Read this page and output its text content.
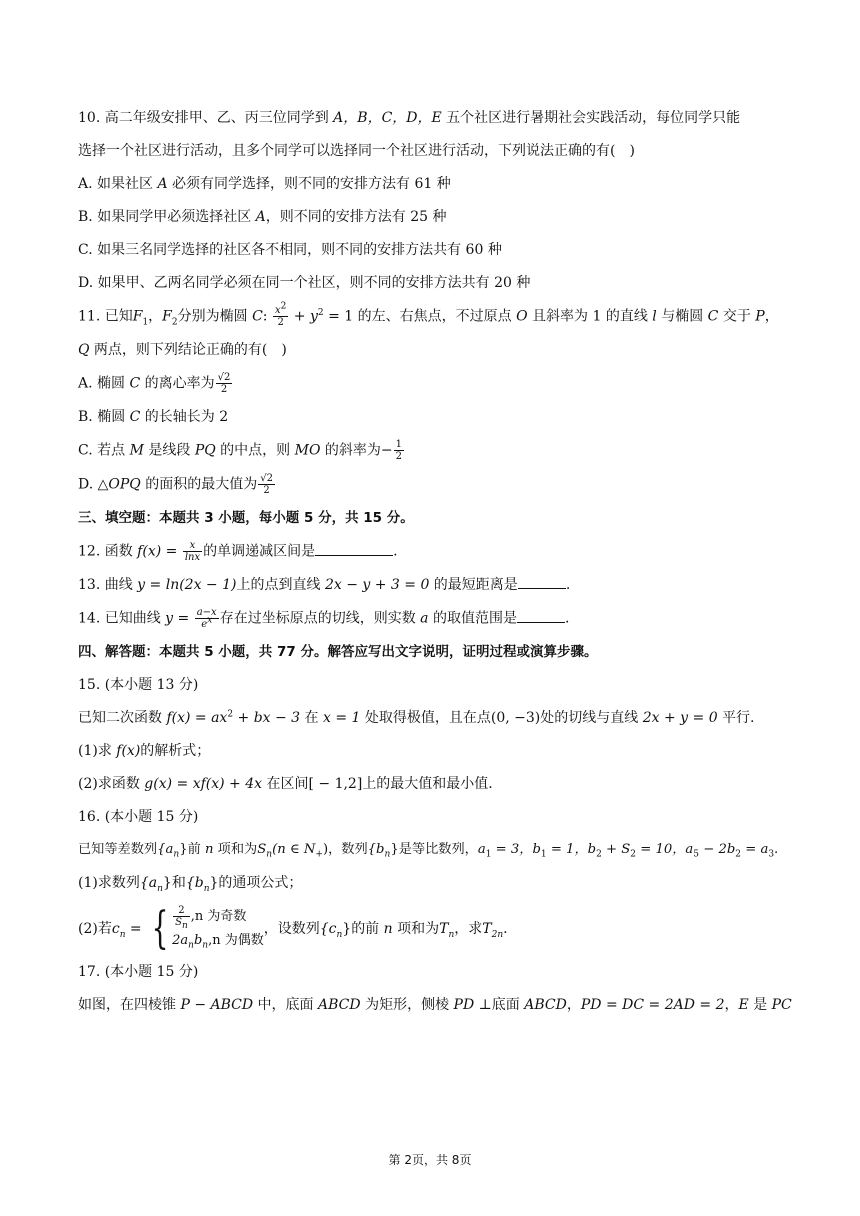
10. 高二年级安排甲、乙、丙三位同学到 A，B，C，D，E 五个社区进行暑期社会实践活动，每位同学只能
选择一个社区进行活动，且多个同学可以选择同一个社区进行活动，下列说法正确的有(　)
A. 如果社区 A 必须有同学选择，则不同的安排方法有 61 种
B. 如果同学甲必须选择社区 A，则不同的安排方法有 25 种
C. 如果三名同学选择的社区各不相同，则不同的安排方法共有 60 种
D. 如果甲、乙两名同学必须在同一个社区，则不同的安排方法共有 20 种
11. 已知$F_1$，$F_2$分别为椭圆 C: $\frac{x^2}{2} + y^2 = 1$ 的左、右焦点，不过原点 O 且斜率为 1 的直线 l 与椭圆 C 交于 P，
Q 两点，则下列结论正确的有(　)
A. 椭圆 C 的离心率为 $\frac{√2}{2}$
B. 椭圆 C 的长轴长为 2
C. 若点 M 是线段 PQ 的中点，则 MO 的斜率为− $\frac{1}{2}$
D. △OPQ 的面积的最大值为 $\frac{√2}{2}$
三、填空题：本题共 3 小题，每小题 5 分，共 15 分。
12. 函数 $f(x) = \frac{x}{\ln x}$ 的单调递减区间是	.
13. 曲线 y = ln(2x − 1)上的点到直线 2x − y + 3 = 0 的最短距离是	.
14. 已知曲线 $y = \frac{a-x}{e^x}$ 存在过坐标原点的切线，则实数 a 的取值范围是	.
四、解答题：本题共 5 小题，共 77 分。解答应写出文字说明，证明过程或演算步骤。
15. (本小题 13 分)
已知二次函数 $f(x) = ax^2$ + bx − 3 在 x = 1 处取得极值，且在点(0, −3)处的切线与直线 2x + y = 0 平行.
(1)求 f(x)的解析式；
(2)求函数 g(x) = xf(x) + 4x 在区间[ − 1,2]上的最大值和最小值.
16. (本小题 15 分)
已知等差数列$\{a_n\}$前 n 项和为$S_n(n$ ∈ $N_+$)，数列$\{b_n\}$是等比数列，$a_1 = 3$，$b_1 = 1$，$b_2 + S_2 = 10$，$a_5 - 2b_2 = a_3$.
(1)求数列$\{a_n\}$和$\{b_n\}$的通项公式；
(2)若$c_n$ = { $\frac{2}{S_n} ,n$ 为奇数
$2a_nb_n,n$ 为偶数
，设数列$\{c_n\}$的前 n 项和为$T_n$，求$T_{2n}$.
17. (本小题 15 分)
如图，在四棱锥 P − ABCD 中，底面 ABCD 为矩形，侧棱 PD ⊥底面 ABCD，PD = DC = 2AD = 2，E 是 PC
第 2页，共 8页
